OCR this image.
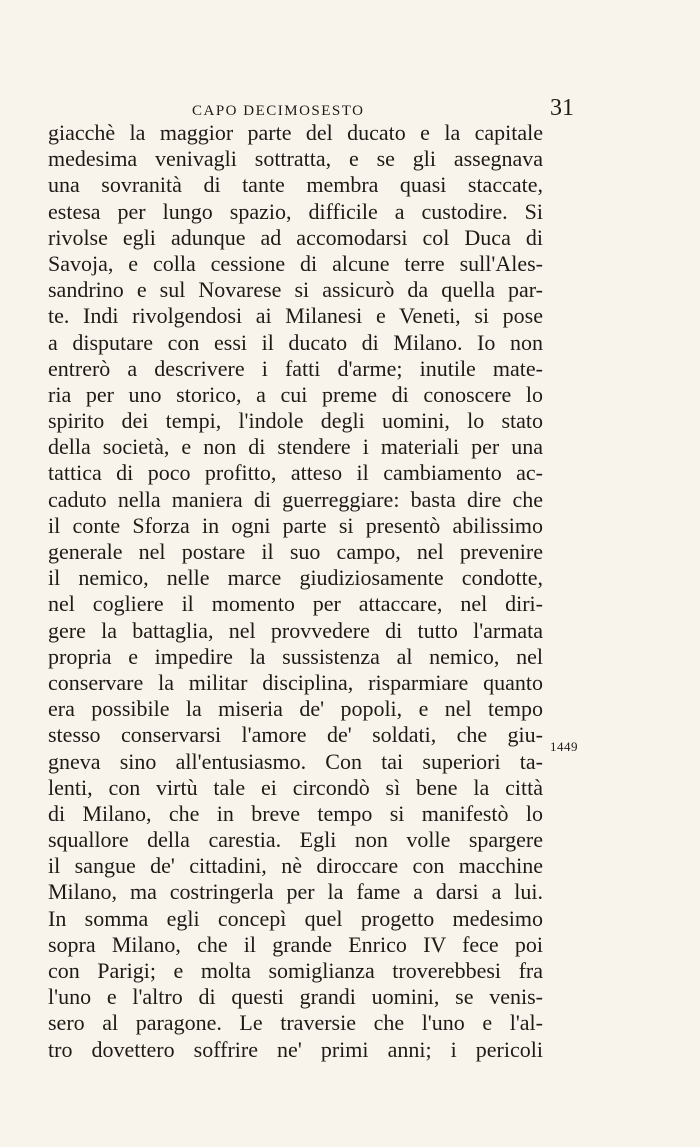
CAPO DECIMOSESTO	31
giacchè la maggior parte del ducato e la capitale
medesima venivagli sottratta, e se gli assegnava
una sovranità di tante membra quasi staccate,
estesa per lungo spazio, difficile a custodire. Si
rivolse egli adunque ad accomodarsi col Duca di
Savoja, e colla cessione di alcune terre sull'Ales-
sandrino e sul Novarese si assicurò da quella par-
te. Indi rivolgendosi ai Milanesi e Veneti, si pose
a disputare con essi il ducato di Milano. Io non
entrerò a descrivere i fatti d'arme; inutile mate-
ria per uno storico, a cui preme di conoscere lo
spirito dei tempi, l'indole degli uomini, lo stato
della società, e non di stendere i materiali per una
tattica di poco profitto, atteso il cambiamento ac-
caduto nella maniera di guerreggiare: basta dire che
il conte Sforza in ogni parte si presentò abilissimo
generale nel postare il suo campo, nel prevenire
il nemico, nelle marce giudiziosamente condotte,
nel cogliere il momento per attaccare, nel diri-
gere la battaglia, nel provvedere di tutto l'armata
propria e impedire la sussistenza al nemico, nel
conservare la militar disciplina, risparmiare quanto
era possibile la miseria de' popoli, e nel tempo
stesso conservarsi l'amore de' soldati, che giu-
gneva sino all'entusiasmo. Con tai superiori ta-
lenti, con virtù tale ei circondò sì bene la città
di Milano, che in breve tempo si manifestò lo
squallore della carestia. Egli non volle spargere
il sangue de' cittadini, nè diroccare con macchine
Milano, ma costringerla per la fame a darsi a lui.
In somma egli concepì quel progetto medesimo
sopra Milano, che il grande Enrico IV fece poi
con Parigi; e molta somiglianza troverebbesi fra
l'uno e l'altro di questi grandi uomini, se venis-
sero al paragone. Le traversie che l'uno e l'al-
tro dovettero soffrire ne' primi anni; i pericoli
1449
